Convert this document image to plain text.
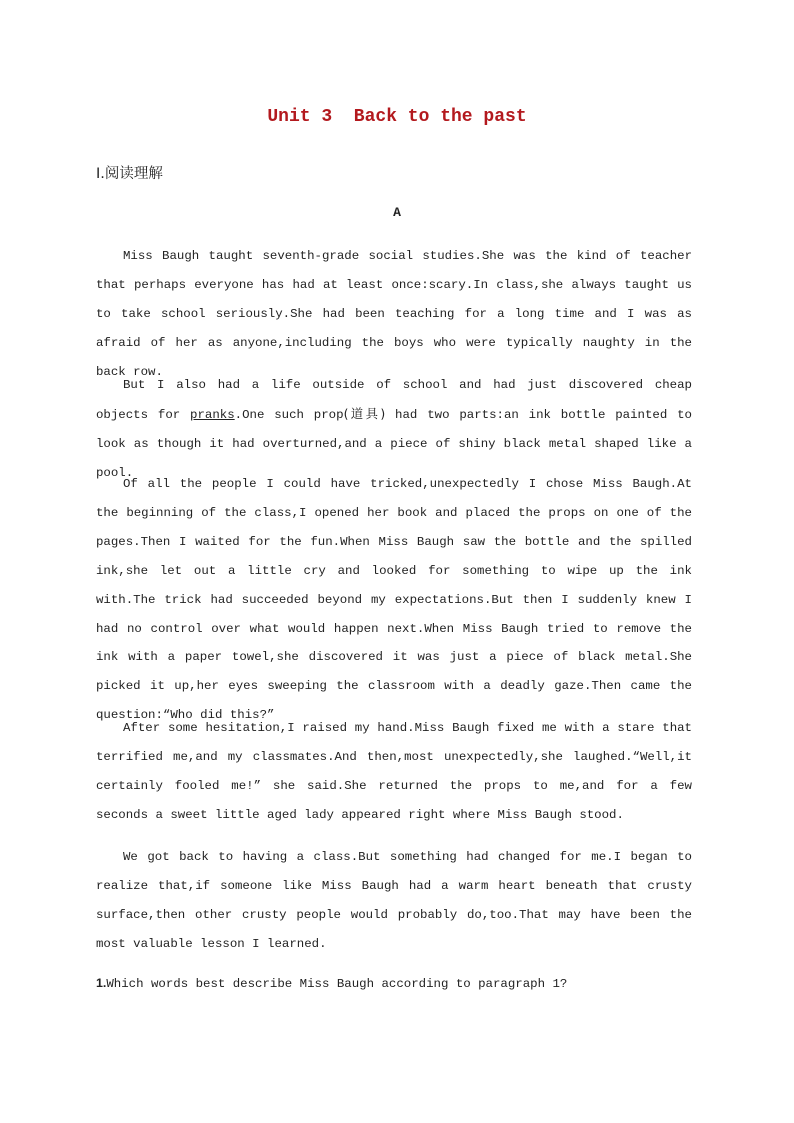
Unit 3  Back to the past
Ⅰ.阅读理解
A
Miss Baugh taught seventh-grade social studies.She was the kind of teacher that perhaps everyone has had at least once:scary.In class,she always taught us to take school seriously.She had been teaching for a long time and I was as afraid of her as anyone,including the boys who were typically naughty in the back row.
But I also had a life outside of school and had just discovered cheap objects for pranks.One such prop(道具) had two parts:an ink bottle painted to look as though it had overturned,and a piece of shiny black metal shaped like a pool.
Of all the people I could have tricked,unexpectedly I chose Miss Baugh.At the beginning of the class,I opened her book and placed the props on one of the pages.Then I waited for the fun.When Miss Baugh saw the bottle and the spilled ink,she let out a little cry and looked for something to wipe up the ink with.The trick had succeeded beyond my expectations.But then I suddenly knew I had no control over what would happen next.When Miss Baugh tried to remove the ink with a paper towel,she discovered it was just a piece of black metal.She picked it up,her eyes sweeping the classroom with a deadly gaze.Then came the question:“Who did this?”
After some hesitation,I raised my hand.Miss Baugh fixed me with a stare that terrified me,and my classmates.And then,most unexpectedly,she laughed.“Well,it certainly fooled me!” she said.She returned the props to me,and for a few seconds a sweet little aged lady appeared right where Miss Baugh stood.
We got back to having a class.But something had changed for me.I began to realize that,if someone like Miss Baugh had a warm heart beneath that crusty surface,then other crusty people would probably do,too.That may have been the most valuable lesson I learned.
1.Which words best describe Miss Baugh according to paragraph 1?
